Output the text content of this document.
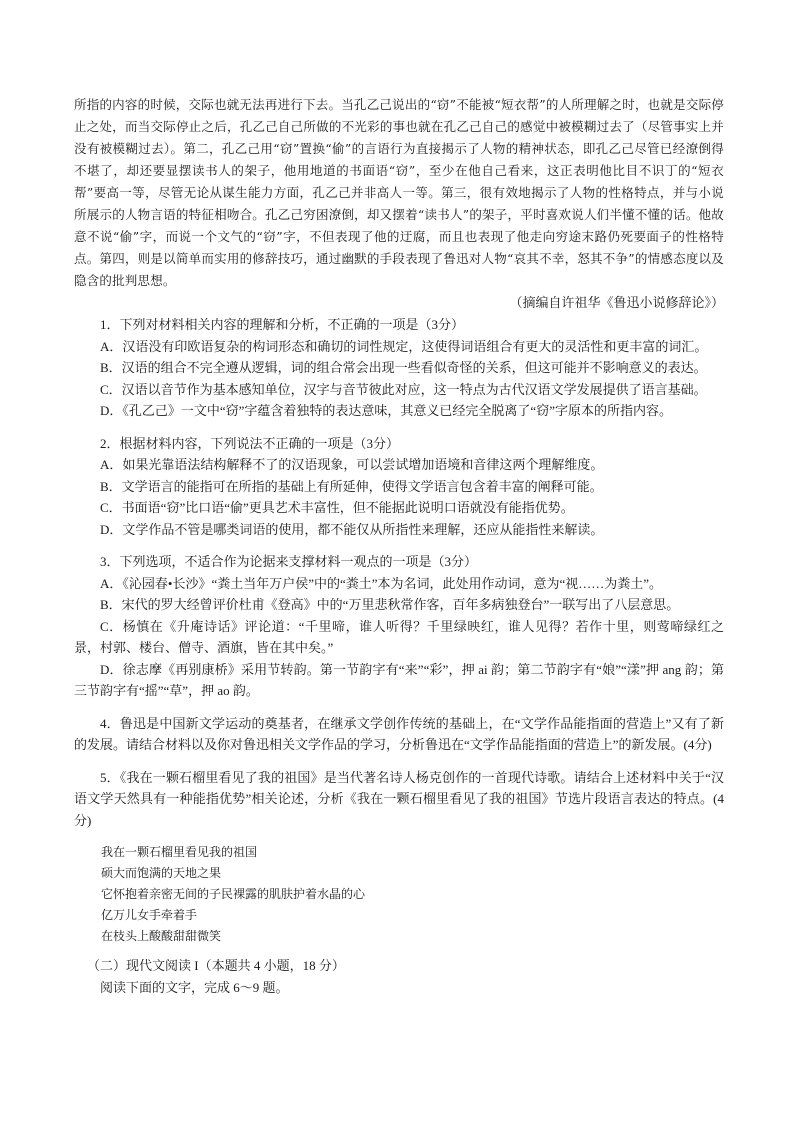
所指的内容的时候，交际也就无法再进行下去。当孔乙己说出的“窃”不能被“短衣帮”的人所理解之时，也就是交际停止之处，而当交际停止之后，孔乙己自己所做的不光彩的事也就在孔乙己自己的感觉中被模糊过去了（尽管事实上并没有被模糊过去）。第二，孔乙己用“窃”置换“偷”的言语行为直接揭示了人物的精神状态，即孔乙己尽管已经潦倒得不堪了，却还要显摆读书人的架子，他用地道的书面语“窃”，至少在他自己看来，这正表明他比目不识丁的“短衣帮”要高一等，尽管无论从谋生能力方面，孔乙己并非高人一等。第三，很有效地揭示了人物的性格特点，并与小说所展示的人物言语的特征相吻合。孔乙己穷困潦倒，却又摆着“读书人”的架子，平时喜欢说人们半懂不懂的话。他故意不说“偷”字，而说一个文气的“窃”字，不但表现了他的迂腐，而且也表现了他走向穷途末路仍死要面子的性格特点。第四，则是以简单而实用的修辞技巧，通过幽默的手段表现了鲁迅对人物“哀其不幸，怒其不争”的情感态度以及隐含的批判思想。

（摘编自许祖华《鲁迅小说修辞论》）

1．下列对材料相关内容的理解和分析，不正确的一项是（3分）

A．汉语没有印欧语复杂的构词形态和确切的词性规定，这使得词语组合有更大的灵活性和更丰富的词汇。

B．汉语的组合不完全遵从逻辑，词的组合常会出现一些看似奇怪的关系，但这可能并不影响意义的表达。

C．汉语以音节作为基本感知单位，汉字与音节彼此对应，这一特点为古代汉语文学发展提供了语言基础。

D．《孔乙己》一文中“窃”字蕴含着独特的表达意味，其意义已经完全脱离了“窃”字原本的所指内容。

2．根据材料内容，下列说法不正确的一项是（3分）

A．如果光靠语法结构解释不了的汉语现象，可以尝试增加语境和音律这两个理解维度。

B．文学语言的能指可在所指的基础上有所延伸，使得文学语言包含着丰富的阐释可能。

C．书面语“窃”比口语“偷”更具艺术丰富性，但不能据此说明口语就没有能指优势。

D．文学作品不管是哪类词语的使用，都不能仅从所指性来理解，还应从能指性来解读。

3．下列选项，不适合作为论据来支撑材料一观点的一项是（3分）

A．《沁园春•长沙》“粪土当年万户侯”中的“粪土”本为名词，此处用作动词，意为“视……为粪土”。

B．宋代的罗大经曾评价杜甫《登高》中的“万里悲秋常作客，百年多病独登台”一联写出了八层意思。

C．杨慎在《升庵诗话》评论道：“千里啼，谁人听得？千里绿映红，谁人见得？若作十里，则莺啼绿红之景，村郭、楼台、僧寺、酒旗，皆在其中矣。”

D．徐志摩《再别康桥》采用节转韵。第一节韵字有“来”“彩”，押 ai 韵；第二节韵字有“娘”“漾”押 ang 韵；第三节韵字有“摇”“草”，押 ao 韵。

4．鲁迅是中国新文学运动的奠基者，在继承文学创作传统的基础上，在“文学作品能指面的营造上”又有了新的发展。请结合材料以及你对鲁迅相关文学作品的学习，分析鲁迅在“文学作品能指面的营造上”的新发展。(4分)

5．《我在一颗石榴里看见了我的祖国》是当代著名诗人杨克创作的一首现代诗歌。请结合上述材料中关于“汉语文学天然具有一种能指优势”相关论述，分析《我在一颗石榴里看见了我的祖国》节选片段语言表达的特点。(4分)

我在一颗石榴里看见我的祖国
硕大而饱满的天地之果
它怀抱着亲密无间的子民裸露的肌肤护着水晶的心
亿万儿女手牵着手
在枝头上酸酸甜甜微笑

（二）现代文阅读 I（本题共 4 小题，18 分）

阅读下面的文字，完成 6～9 题。
